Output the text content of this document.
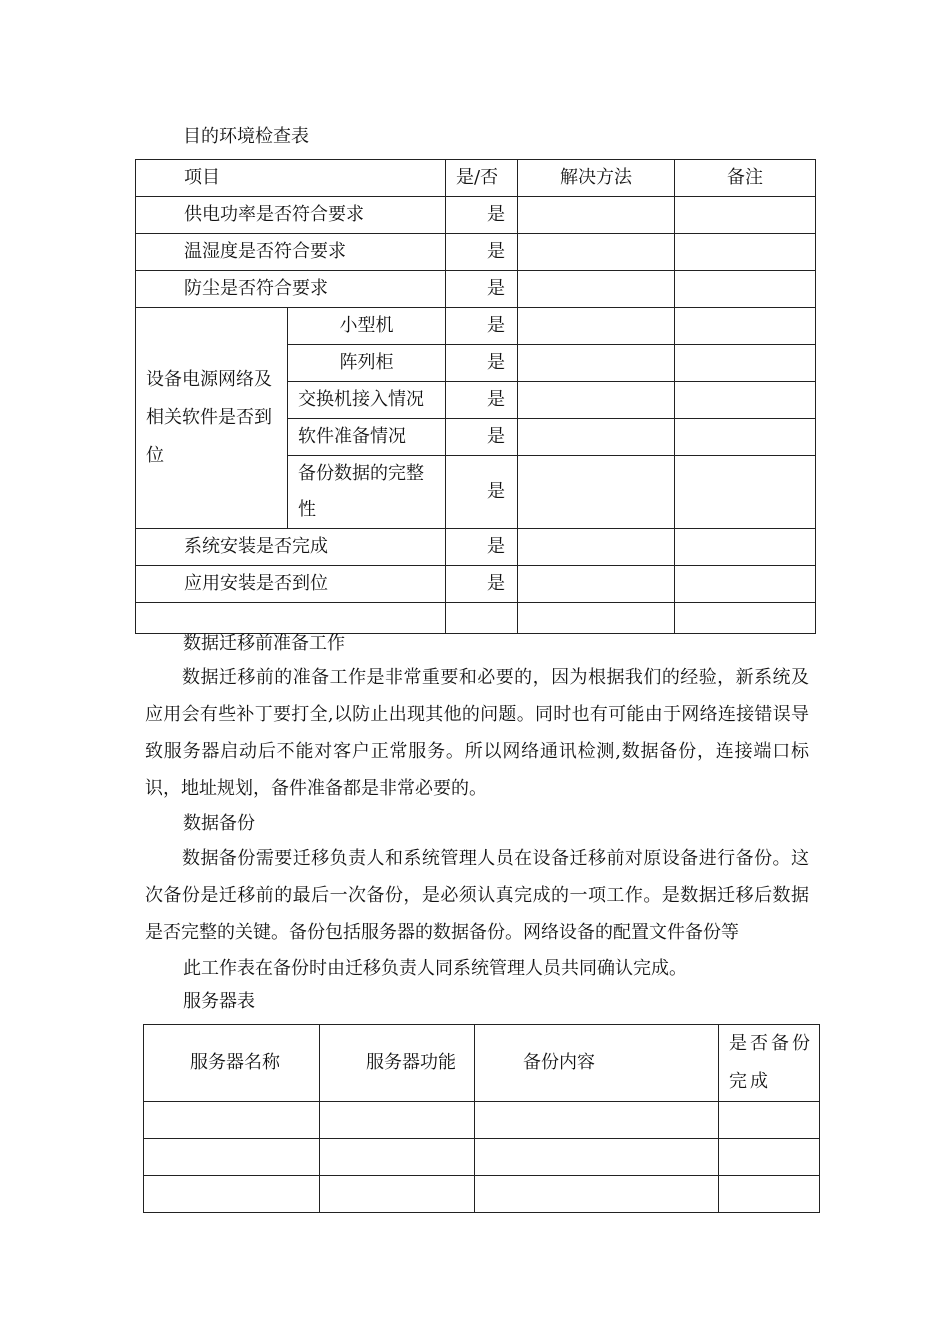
目的环境检查表
项目		是/否	解决方法	备注
供电功率是否符合要求		是		
温湿度是否符合要求		是		
防尘是否符合要求		是		
设备电源网络及相关软件是否到位	小型机	是		
	阵列柜	是		
	交换机接入情况	是		
	软件准备情况	是		
	备份数据的完整性	是		
系统安装是否完成		是		
应用安装是否到位		是		

数据迁移前准备工作
数据迁移前的准备工作是非常重要和必要的，因为根据我们的经验，新系统及应用会有些补丁要打全,以防止出现其他的问题。同时也有可能由于网络连接错误导致服务器启动后不能对客户正常服务。所以网络通讯检测,数据备份，连接端口标识，地址规划，备件准备都是非常必要的。
数据备份
数据备份需要迁移负责人和系统管理人员在设备迁移前对原设备进行备份。这次备份是迁移前的最后一次备份，是必须认真完成的一项工作。是数据迁移后数据是否完整的关键。备份包括服务器的数据备份。网络设备的配置文件备份等
此工作表在备份时由迁移负责人同系统管理人员共同确认完成。
服务器表
服务器名称	服务器功能	备份内容	是否备份完成
